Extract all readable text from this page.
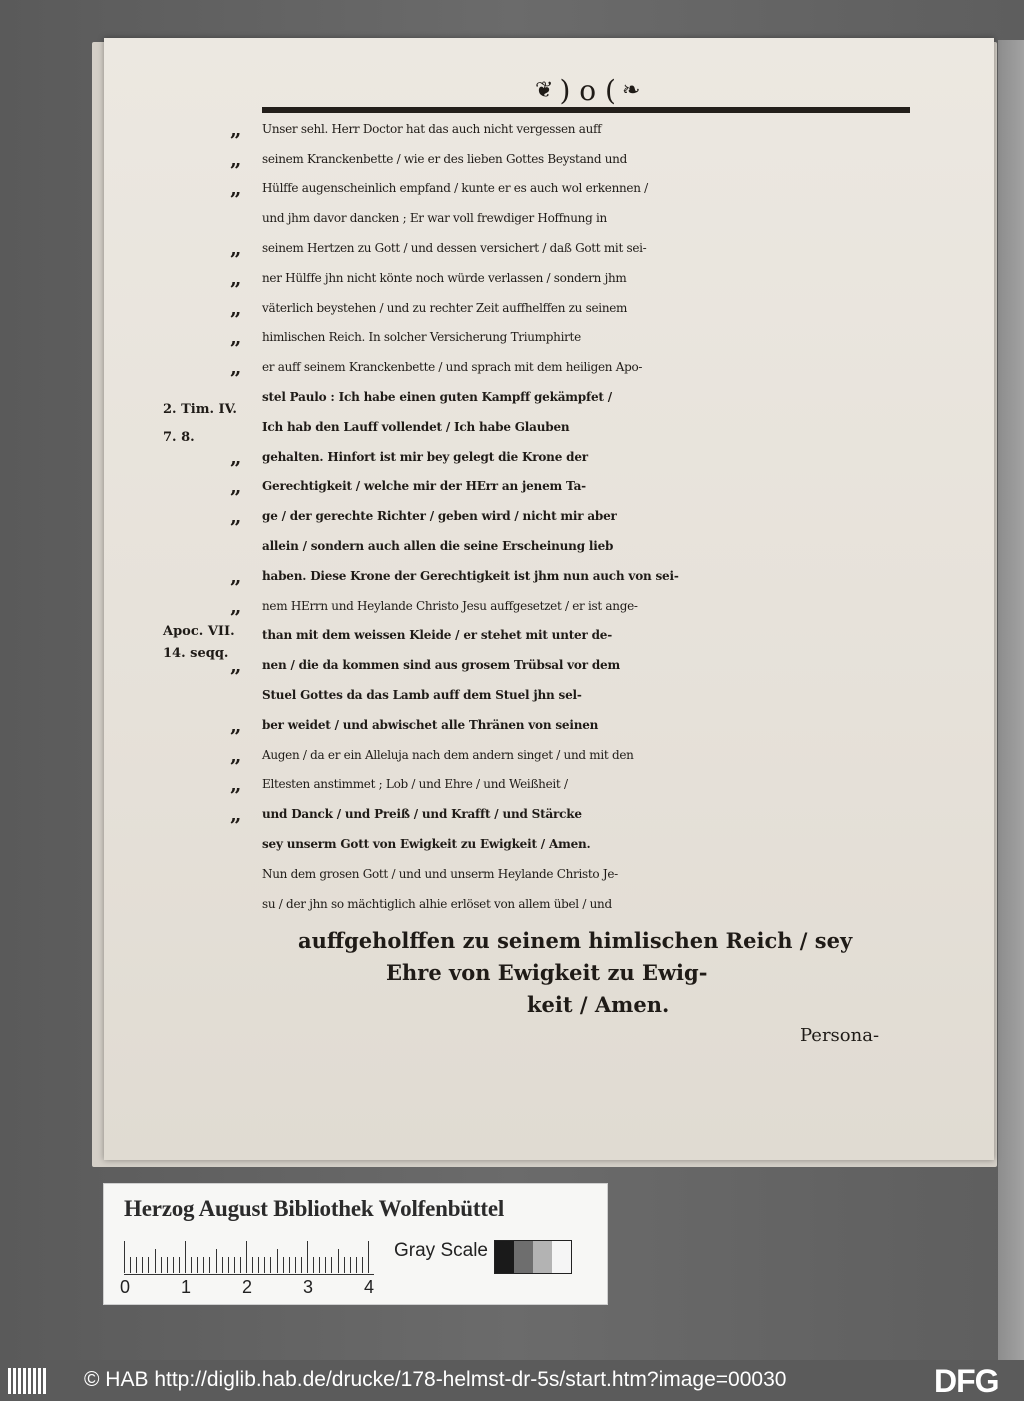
❦ ) o ( ❧
2. Tim. IV.
7. 8.
Apoc. VII.
14. seqq.
„	Unser sehl. Herr Doctor hat das auch nicht vergessen auff
„	seinem Kranckenbette / wie er des lieben Gottes Beystand und
„	Hülffe augenscheinlich empfand / kunte er es auch wol erkennen /
und jhm davor dancken ; Er war voll frewdiger Hoffnung in
„	seinem Hertzen zu Gott / und dessen versichert / daß Gott mit sei-
„	ner Hülffe jhn nicht könte noch würde verlassen / sondern jhm
„	väterlich beystehen / und zu rechter Zeit auffhelffen zu seinem
„	himlischen Reich. In solcher Versicherung Triumphirte
„	er auff seinem Kranckenbette / und sprach mit dem heiligen Apo-
stel Paulo : Ich habe einen guten Kampff gekämpfet /
Ich hab den Lauff vollendet / Ich habe Glauben
„	gehalten. Hinfort ist mir bey gelegt die Krone der
„	Gerechtigkeit / welche mir der HErr an jenem Ta-
„	ge / der gerechte Richter / geben wird / nicht mir aber
allein / sondern auch allen die seine Erscheinung lieb
„	haben. Diese Krone der Gerechtigkeit ist jhm nun auch von sei-
„	nem HErrn und Heylande Christo Jesu auffgesetzet / er ist ange-
than mit dem weissen Kleide / er stehet mit unter de-
„	nen / die da kommen sind aus grosem Trübsal vor dem
Stuel Gottes da das Lamb auff dem Stuel jhn sel-
„	ber weidet / und abwischet alle Thränen von seinen
„	Augen / da er ein Alleluja nach dem andern singet / und mit den
„	Eltesten anstimmet ; Lob / und Ehre / und Weißheit /
„	und Danck / und Preiß / und Krafft / und Stärcke
sey unserm Gott von Ewigkeit zu Ewigkeit / Amen.
Nun dem grosen Gott / und und unserm Heylande Christo Je-
su / der jhn so mächtiglich alhie erlöset von allem übel / und
auffgeholffen zu seinem himlischen Reich / sey
Ehre von Ewigkeit zu Ewig-
keit / Amen.
Persona-
Herzog August Bibliothek Wolfenbüttel
0	1	2	3	4
Gray Scale
© HAB http://diglib.hab.de/drucke/178-helmst-dr-5s/start.htm?image=00030	DFG
